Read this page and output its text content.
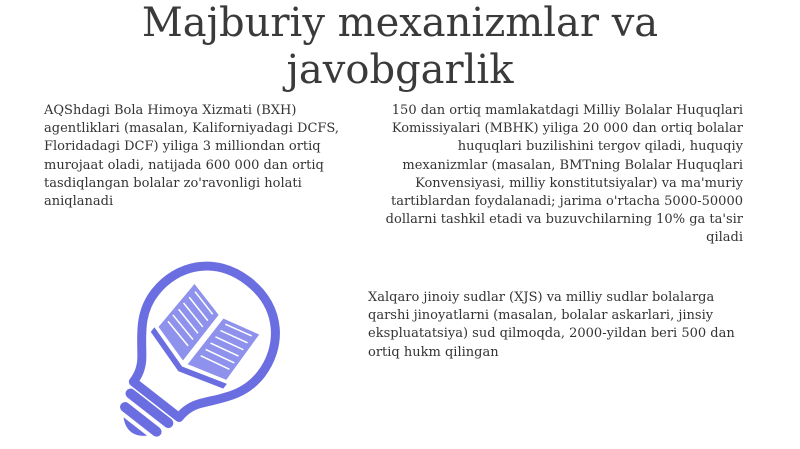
Majburiy mexanizmlar va
javobgarlik
AQShdagi Bola Himoya Xizmati (BXH) agentliklari (masalan, Kaliforniyadagi DCFS, Floridadagi DCF) yiliga 3 milliondan ortiq murojaat oladi, natijada 600 000 dan ortiq tasdiqlangan bolalar zo'ravonligi holati aniqlanadi
150 dan ortiq mamlakatdagi Milliy Bolalar Huquqlari Komissiyalari (MBHK) yiliga 20 000 dan ortiq bolalar huquqlari buzilishini tergov qiladi, huquqiy mexanizmlar (masalan, BMTning Bolalar Huquqlari Konvensiyasi, milliy konstitutsiyalar) va ma'muriy tartiblardan foydalanadi; jarima o'rtacha 5000-50000 dollarni tashkil etadi va buzuvchilarning 10% ga ta'sir qiladi
Xalqaro jinoiy sudlar (XJS) va milliy sudlar bolalarga qarshi jinoyatlarni (masalan, bolalar askarlari, jinsiy ekspluatatsiya) sud qilmoqda, 2000-yildan beri 500 dan ortiq hukm qilingan
